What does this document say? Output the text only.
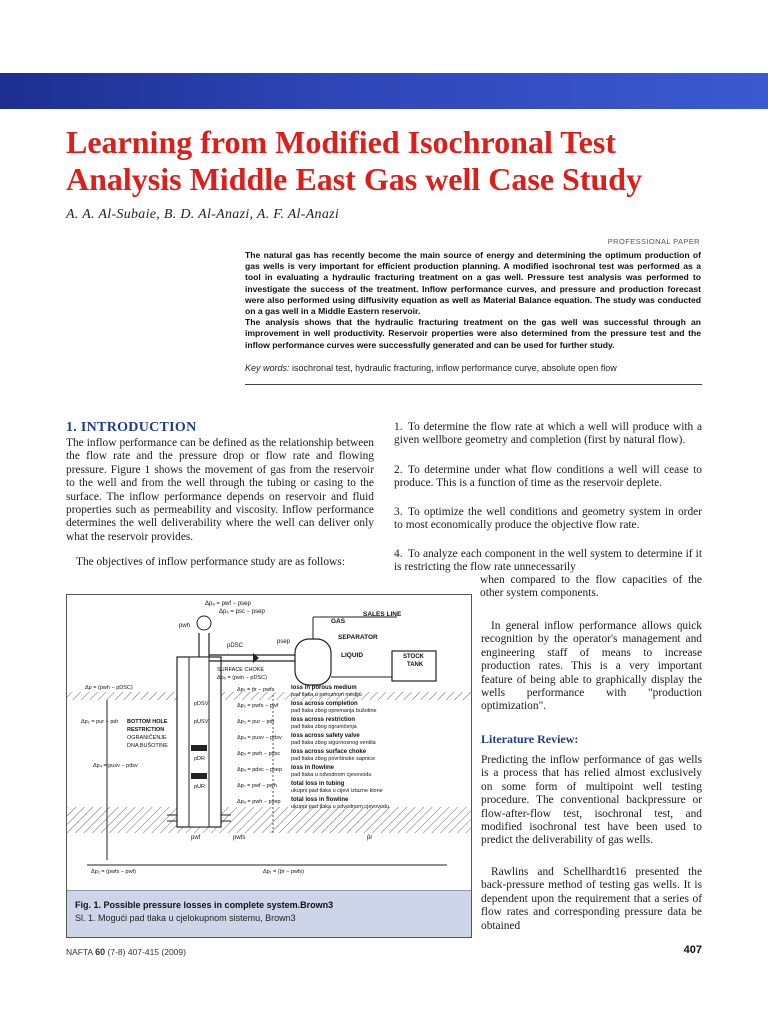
Learning from Modified Isochronal Test Analysis Middle East Gas well Case Study
A. A. Al-Subaie, B. D. Al-Anazi, A. F. Al-Anazi
PROFESSIONAL PAPER

The natural gas has recently become the main source of energy and determining the optimum production of gas wells is very important for efficient production planning. A modified isochronal test was performed as a tool in evaluating a hydraulic fracturing treatment on a gas well. Pressure test analysis was performed to investigate the success of the treatment. Inflow performance curves, and pressure and production forecast were also performed using diffusivity equation as well as Material Balance equation. The study was conducted on a gas well in a Middle Eastern reservoir.

The analysis shows that the hydraulic fracturing treatment on the gas well was successful through an improvement in well productivity. Reservoir properties were also determined from the pressure test and the inflow performance curves were successfully generated and can be used for further study.

Key words: isochronal test, hydraulic fracturing, inflow performance curve, absolute open flow
1. INTRODUCTION
The inflow performance can be defined as the relationship between the flow rate and the pressure drop or flow rate and flowing pressure. Figure 1 shows the movement of gas from the reservoir to the well and from the well through the tubing or casing to the surface. The inflow performance depends on reservoir and fluid properties such as permeability and viscosity. Inflow performance determines the well deliverability where the well can deliver only what the reservoir provides.
The objectives of inflow performance study are as follows:
1. To determine the flow rate at which a well will produce with a given wellbore geometry and completion (first by natural flow).
2. To determine under what flow conditions a well will cease to produce. This is a function of time as the reservoir deplete.
3. To optimize the well conditions and geometry system in order to most economically produce the objective flow rate.
4. To analyze each component in the well system to determine if it is restricting the flow rate unnecessarily
when compared to the flow capacities of the other system components.
In general inflow performance allows quick recognition by the operator's management and engineering staff of means to increase production rates. This is a very important feature of being able to graphically display the wells performance with "production optimization".
Literature Review:
Predicting the inflow performance of gas wells is a process that has relied almost exclusively on some form of multipoint well testing procedure. The conventional backpressure or flow-after-flow test, isochronal test, and modified isochronal test have been used to predict the deliverability of gas wells.
Rawlins and Schellhardt16 presented the back-pressure method of testing gas wells. It is dependent upon the requirement that a series of flow rates and corresponding pressure data be obtained
Δp₈ = pwf − psep
Δp₆ = psc − psep	SALES LINE
GAS
SEPARATOR
psep
LIQUID	STOCK
TANK
pDSC
SURFACE CHOKE
Δp₅ = (pwh − pDSC)
pwh
pDSV
pUSV
pDR
pUR
pwf	pwfs	p̄r
Δp = (pwh − pDSC)
Δp₂ = pur − pdr
Δp₄ = pusv − pdsv
BOTTOM HOLE
RESTRICTION
OGRANIČENJE
DNA BUŠOTINE
Δp₂ = (pwfs − pwf)	Δp₁ = (p̄r − pwfs)
Δp₁ = p̄r − pwfs	loss in porous medium
pad tlaka u poroznom mediju
Δp₂ = pwfs − pwf loss across completion
pad tlaka zbog opremanja bušotine
Δp₃ = pur − pdr	loss across restriction
pad tlaka zbog ograničenja
Δp₄ = pusv − pdsv loss across safety valve
pad tlaka zbog sigurnosnog ventila
Δp₅ = pwh − pdsc loss across surface choke
pad tlaka zbog površinske sapnice
Δp₆ = pdsc − psep loss in flowline
pad tlaka u odvodnom cjevovodu
Δp₇ = pwf − pwh total loss in tubing
ukupni pad tlaka u cijevi izlazne klone
Δp₈ = pwh − psep total loss in flowline
ukupni pad tlaka u odvodnom cjevovodu
Fig. 1. Possible pressure losses in complete system.Brown3
Sl. 1. Mogući pad tlaka u cjelokupnom sistemu, Brown3
NAFTA 60 (7-8) 407-415 (2009)	407
